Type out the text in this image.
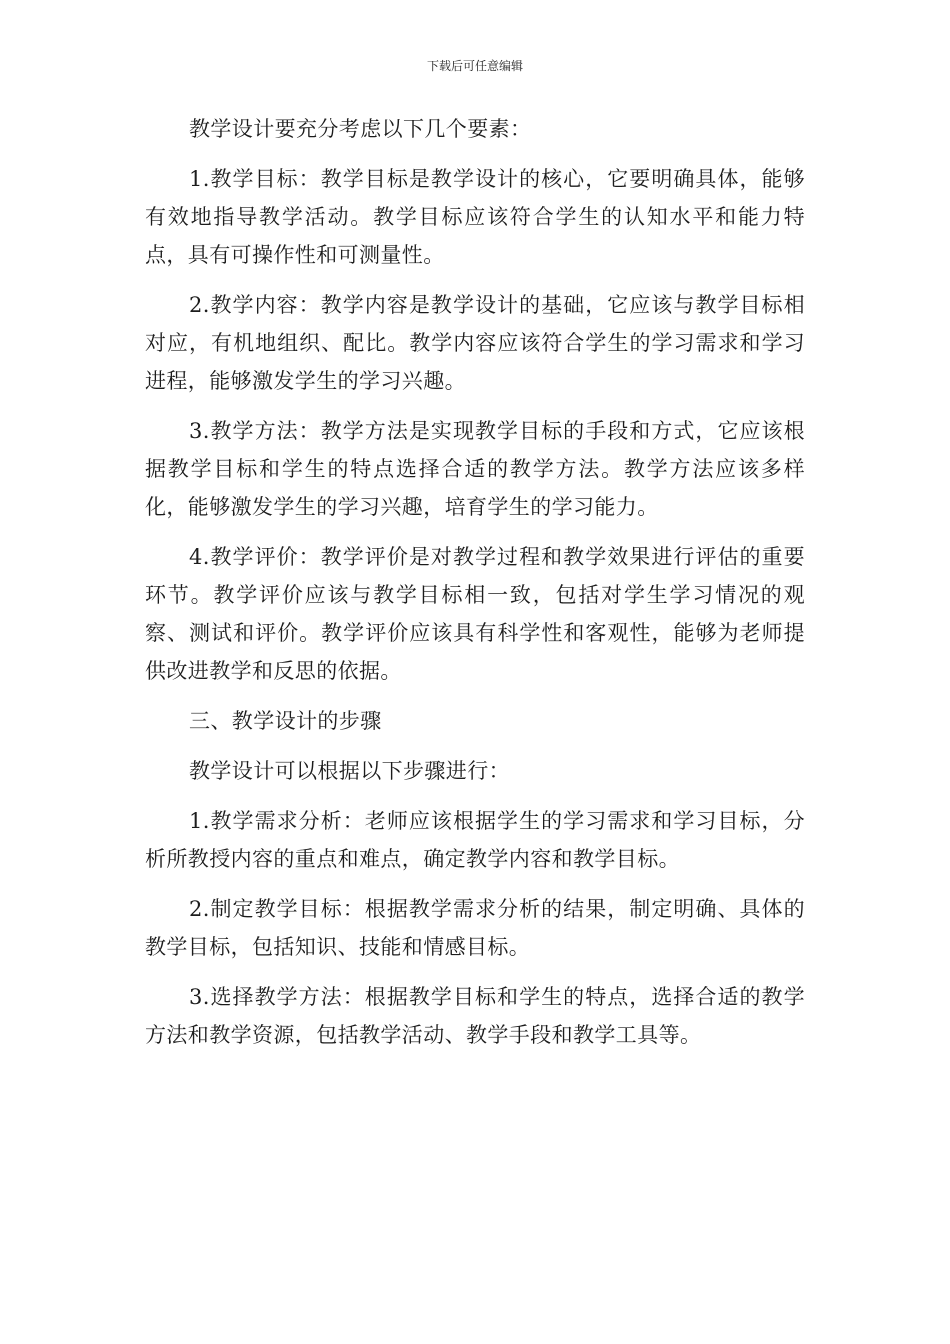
下载后可任意编辑

教学设计要充分考虑以下几个要素：

1.教学目标：教学目标是教学设计的核心，它要明确具体，能够有效地指导教学活动。教学目标应该符合学生的认知水平和能力特点，具有可操作性和可测量性。

2.教学内容：教学内容是教学设计的基础，它应该与教学目标相对应，有机地组织、配比。教学内容应该符合学生的学习需求和学习进程，能够激发学生的学习兴趣。

3.教学方法：教学方法是实现教学目标的手段和方式，它应该根据教学目标和学生的特点选择合适的教学方法。教学方法应该多样化，能够激发学生的学习兴趣，培育学生的学习能力。

4.教学评价：教学评价是对教学过程和教学效果进行评估的重要环节。教学评价应该与教学目标相一致，包括对学生学习情况的观察、测试和评价。教学评价应该具有科学性和客观性，能够为老师提供改进教学和反思的依据。

三、教学设计的步骤

教学设计可以根据以下步骤进行：

1.教学需求分析：老师应该根据学生的学习需求和学习目标，分析所教授内容的重点和难点，确定教学内容和教学目标。

2.制定教学目标：根据教学需求分析的结果，制定明确、具体的教学目标，包括知识、技能和情感目标。

3.选择教学方法：根据教学目标和学生的特点，选择合适的教学方法和教学资源，包括教学活动、教学手段和教学工具等。
